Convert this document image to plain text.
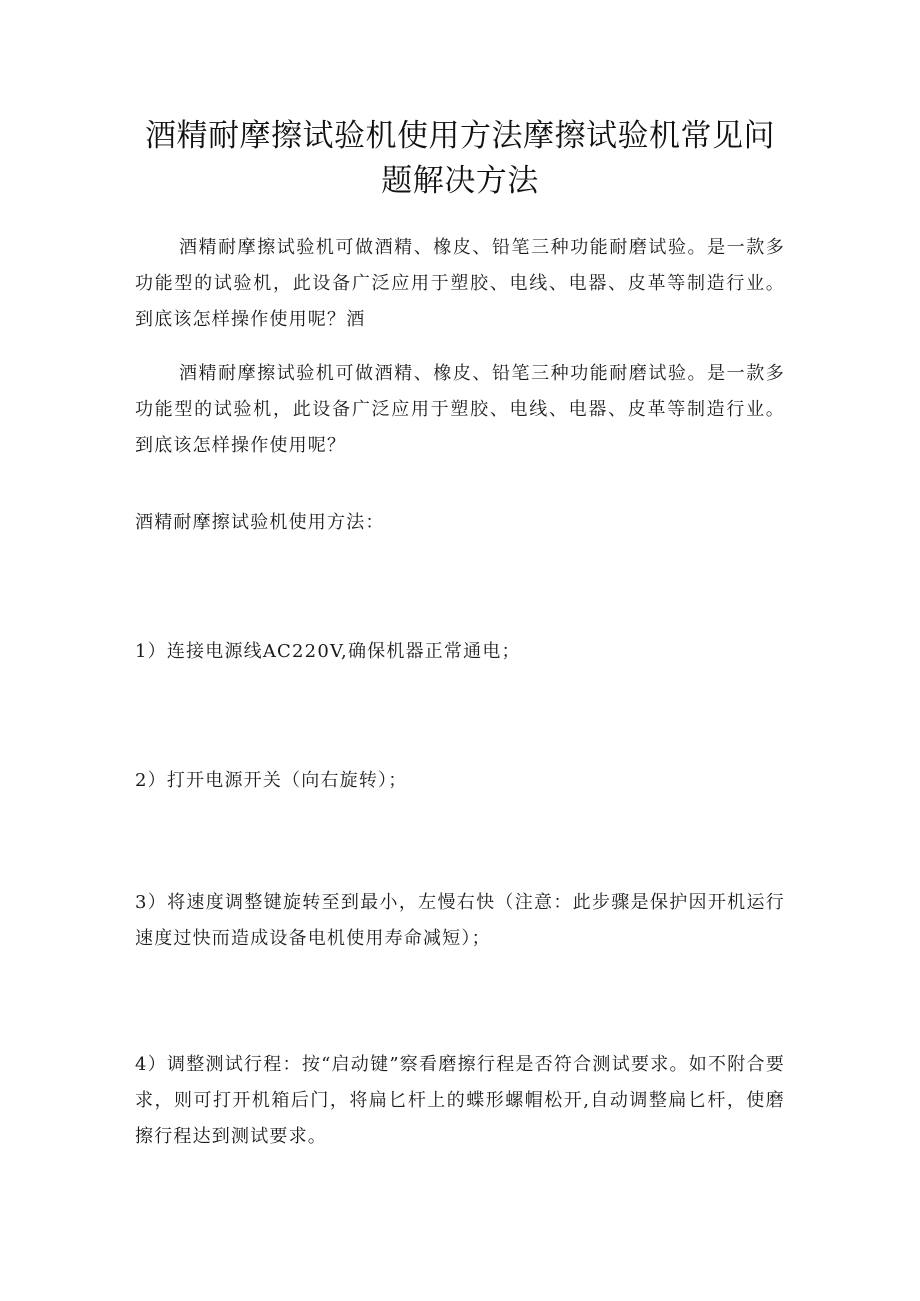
酒精耐摩擦试验机使用方法摩擦试验机常见问题解决方法

酒精耐摩擦试验机可做酒精、橡皮、铅笔三种功能耐磨试验。是一款多功能型的试验机，此设备广泛应用于塑胶、电线、电器、皮革等制造行业。到底该怎样操作使用呢？酒

酒精耐摩擦试验机可做酒精、橡皮、铅笔三种功能耐磨试验。是一款多功能型的试验机，此设备广泛应用于塑胶、电线、电器、皮革等制造行业。到底该怎样操作使用呢？

酒精耐摩擦试验机使用方法：

1）连接电源线AC220V,确保机器正常通电；

2）打开电源开关（向右旋转）；

3）将速度调整键旋转至到最小，左慢右快（注意：此步骤是保护因开机运行速度过快而造成设备电机使用寿命减短）；

4）调整测试行程：按“启动键”察看磨擦行程是否符合测试要求。如不附合要求，则可打开机箱后门，将扁匕杆上的蝶形螺帽松开,自动调整扁匕杆，使磨擦行程达到测试要求。
